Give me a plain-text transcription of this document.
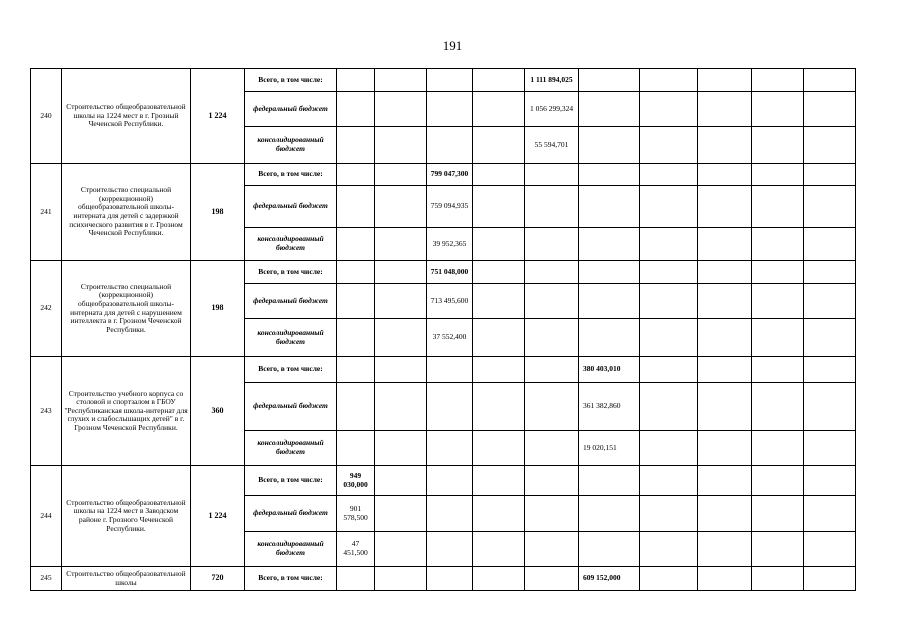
191
240	Строительство общеобразовательной школы на 1224 мест в г. Грозный Чеченской Республики.	1 224	Всего, в том числе:					1 111 894,025					
			федеральный бюджет					1 056 299,324					
			консолидированный бюджет					55 594,701					
241	Строительство специальной (коррекционной) общеобразовательной школы-интерната для детей с задержкой психического развития в г. Грозном Чеченской Республики.	198	Всего, в том числе:			799 047,300							
			федеральный бюджет			759 094,935							
			консолидированный бюджет			39 952,365							
242	Строительство специальной (коррекционной) общеобразовательной школы-интерната для детей с нарушением интеллекта в г. Грозном Чеченской Республики.	198	Всего, в том числе:			751 048,000							
			федеральный бюджет			713 495,600							
			консолидированный бюджет			37 552,400							
243	Строительство учебного корпуса со столовой и спортзалом в ГБОУ "Республиканская школа-интернат для глухих и слабослышащих детей" в г. Грозном Чеченской Республики.	360	Всего, в том числе:						380 403,010				
			федеральный бюджет						361 382,860				
			консолидированный бюджет						19 020,151				
244	Строительство общеобразовательной школы на 1224 мест в Заводском районе г. Грозного Чеченской Республики.	1 224	Всего, в том числе:	949 030,000									
			федеральный бюджет	901 578,500									
			консолидированный бюджет	47 451,500									
245	Строительство общеобразовательной школы	720	Всего, в том числе:						609 152,000				
